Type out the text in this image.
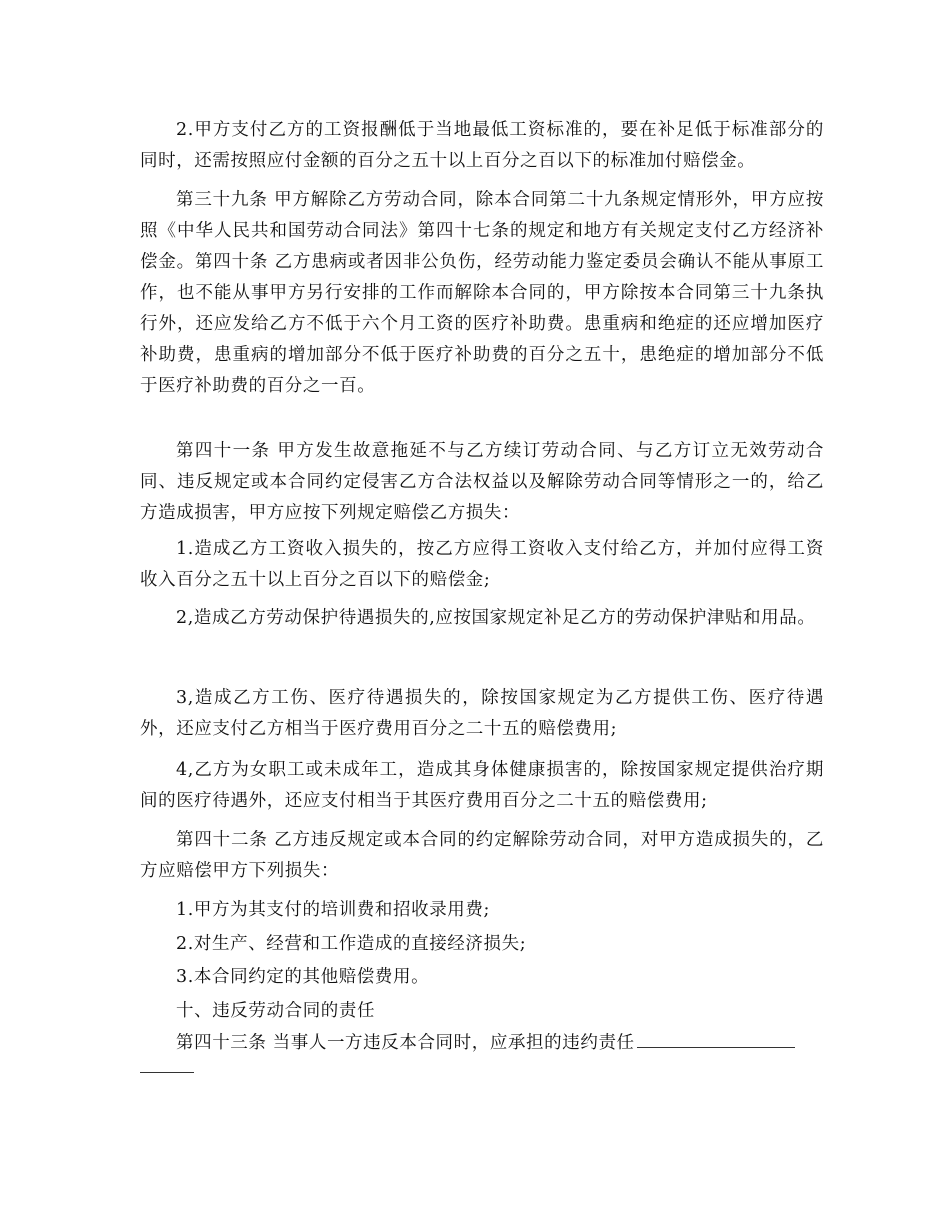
2.甲方支付乙方的工资报酬低于当地最低工资标准的，要在补足低于标准部分的同时，还需按照应付金额的百分之五十以上百分之百以下的标准加付赔偿金。

第三十九条 甲方解除乙方劳动合同，除本合同第二十九条规定情形外，甲方应按照《中华人民共和国劳动合同法》第四十七条的规定和地方有关规定支付乙方经济补偿金。第四十条 乙方患病或者因非公负伤，经劳动能力鉴定委员会确认不能从事原工作，也不能从事甲方另行安排的工作而解除本合同的，甲方除按本合同第三十九条执行外，还应发给乙方不低于六个月工资的医疗补助费。患重病和绝症的还应增加医疗补助费，患重病的增加部分不低于医疗补助费的百分之五十，患绝症的增加部分不低于医疗补助费的百分之一百。

第四十一条 甲方发生故意拖延不与乙方续订劳动合同、与乙方订立无效劳动合同、违反规定或本合同约定侵害乙方合法权益以及解除劳动合同等情形之一的，给乙方造成损害，甲方应按下列规定赔偿乙方损失：

1.造成乙方工资收入损失的，按乙方应得工资收入支付给乙方，并加付应得工资收入百分之五十以上百分之百以下的赔偿金;

2,造成乙方劳动保护待遇损失的,应按国家规定补足乙方的劳动保护津贴和用品。

3,造成乙方工伤、医疗待遇损失的，除按国家规定为乙方提供工伤、医疗待遇外，还应支付乙方相当于医疗费用百分之二十五的赔偿费用;

4,乙方为女职工或未成年工，造成其身体健康损害的，除按国家规定提供治疗期间的医疗待遇外，还应支付相当于其医疗费用百分之二十五的赔偿费用;

第四十二条 乙方违反规定或本合同的约定解除劳动合同，对甲方造成损失的，乙方应赔偿甲方下列损失：

1.甲方为其支付的培训费和招收录用费;

2.对生产、经营和工作造成的直接经济损失;

3.本合同约定的其他赔偿费用。

十、违反劳动合同的责任

第四十三条 当事人一方违反本合同时，应承担的违约责任
